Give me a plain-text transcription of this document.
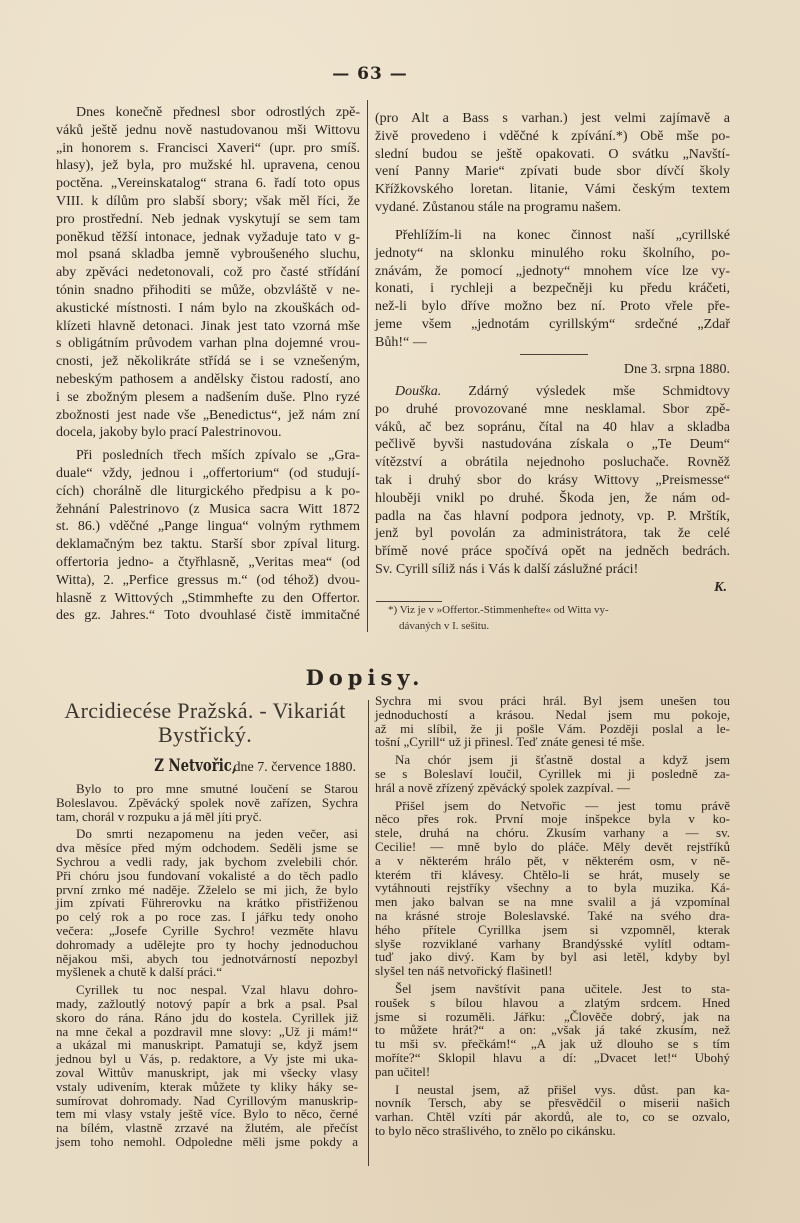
— 63 —
Dnes konečně přednesl sbor odrostlých zpě-
váků ještě jednu nově nastudovanou mši Wittovu
„in honorem s. Francisci Xaveri“ (upr. pro smíš.
hlasy), jež byla, pro mužské hl. upravena, cenou
poctěna. „Vereinskatalog“ strana 6. řadí toto opus
VIII. k dílům pro slabší sbory; však měl říci, že
pro prostřední. Neb jednak vyskytují se sem tam
poněkud těžší intonace, jednak vyžaduje tato v g-
mol psaná skladba jemně vybroušeného sluchu,
aby zpěváci nedetonovali, což pro časté střídání
tónin snadno přihoditi se může, obzvláště v ne-
akustické místnosti. I nám bylo na zkouškách od-
klízeti hlavně detonaci. Jinak jest tato vzorná mše
s obligátním průvodem varhan plna dojemné vrou-
cnosti, jež několikráte střídá se i se vznešeným,
nebeským pathosem a andělsky čistou radostí, ano
i se zbožným plesem a nadšením duše. Plno ryzé
zbožnosti jest nade vše „Benedictus“, jež nám zní
docela, jakoby bylo prací Palestrinovou.
Při posledních třech mších zpívalo se „Gra-
duale“ vždy, jednou i „offertorium“ (od studují-
cích) chorálně dle liturgického předpisu a k po-
žehnání Palestrinovo (z Musica sacra Witt 1872
st. 86.) vděčné „Pange lingua“ volným rythmem
deklamačným bez taktu. Starší sbor zpíval liturg.
offertoria jedno- a čtyřhlasně, „Veritas mea“ (od
Witta), 2. „Perfice gressus m.“ (od téhož) dvou-
hlasně z Wittových „Stimmhefte zu den Offertor.
des gz. Jahres.“ Toto dvouhlasé čistě immitačné
(pro Alt a Bass s varhan.) jest velmi zajímavě a
živě provedeno i vděčné k zpívání.*) Obě mše po-
slední budou se ještě opakovati. O svátku „Navští-
vení Panny Marie“ zpívati bude sbor dívčí školy
Křížkovského loretan. litanie, Vámi českým textem
vydané. Zůstanou stále na programu našem.
Přehlížím-li na konec činnost naší „cyrillské
jednoty“ na sklonku minulého roku školního, po-
znávám, že pomocí „jednoty“ mnohem více lze vy-
konati, i rychleji a bezpečněji ku předu kráčeti,
než-li bylo dříve možno bez ní. Proto vřele pře-
jeme všem „jednotám cyrillským“ srdečné „Zdař
Bůh!“ —
Dne 3. srpna 1880.
Douška. Zdárný výsledek mše Schmidtovy
po druhé provozované mne nesklamal. Sbor zpě-
váků, ač bez sopránu, čítal na 40 hlav a skladba
pečlivě byvši nastudována získala o „Te Deum“
vítězství a obrátila nejednoho posluchače. Rovněž
tak i druhý sbor do krásy Wittovy „Preismesse“
hlouběji vnikl po druhé. Škoda jen, že nám od-
padla na čas hlavní podpora jednoty, vp. P. Mrštík,
jenž byl povolán za administrátora, tak že celé
břímě nové práce spočívá opět na jedněch bedrách.
Sv. Cyrill síliž nás i Vás k další záslužné práci!
K.
*) Viz je v »Offertor.-Stimmenhefte« od Witta vy-
dávaných v I. sešitu.
Dopisy.
Arcidiecése Pražská. - Vikariát
Bystřický.
Z Netvořic, dne 7. července 1880.
Bylo to pro mne smutné loučení se Starou
Boleslavou. Zpěvácký spolek nově zařízen, Sychra
tam, chorál v rozpuku a já měl jíti pryč.
Do smrti nezapomenu na jeden večer, asi
dva měsíce před mým odchodem. Seděli jsme se
Sychrou a vedli rady, jak bychom zvelebili chór.
Při chóru jsou fundovaní vokalisté a do těch padlo
první zrnko mé naděje. Zželelo se mi jich, že bylo
jim zpívati Führerovku na krátko přistřiženou
po celý rok a po roce zas. I jářku tedy onoho
večera: „Josefe Cyrille Sychro! vezměte hlavu
dohromady a udělejte pro ty hochy jednoduchou
nějakou mši, abych tou jednotvárností nepozbyl
myšlenek a chutě k další práci.“
Cyrillek tu noc nespal. Vzal hlavu dohro-
mady, zažloutlý notový papír a brk a psal. Psal
skoro do rána. Ráno jdu do kostela. Cyrillek již
na mne čekal a pozdravil mne slovy: „Už ji mám!“
a ukázal mi manuskript. Pamatuji se, když jsem
jednou byl u Vás, p. redaktore, a Vy jste mi uka-
zoval Wittův manuskript, jak mi všecky vlasy
vstaly udivením, kterak můžete ty kliky háky se-
sumírovat dohromady. Nad Cyrillovým manuskrip-
tem mi vlasy vstaly ještě více. Bylo to něco, černé
na bílém, vlastně zrzavé na žlutém, ale přečíst
jsem toho nemohl. Odpoledne měli jsme pokdy a
Sychra mi svou práci hrál. Byl jsem unešen tou
jednoduchostí a krásou. Nedal jsem mu pokoje,
až mi slíbil, že ji pošle Vám. Později poslal a le-
tošní „Cyrill“ už ji přinesl. Teď znáte genesi té mše.
Na chór jsem ji šťastně dostal a když jsem
se s Boleslaví loučil, Cyrillek mi ji posledně za-
hrál a nově zřízený zpěvácký spolek zazpíval. —
Přišel jsem do Netvořic — jest tomu právě
něco přes rok. První moje inšpekce byla v ko-
stele, druhá na chóru. Zkusím varhany a — sv.
Cecilie! — mně bylo do pláče. Měly devět rejstříků
a v některém hrálo pět, v některém osm, v ně-
kterém tři klávesy. Chtělo-li se hrát, musely se
vytáhnouti rejstříky všechny a to byla muzika. Ká-
men jako balvan se na mne svalil a já vzpomínal
na krásné stroje Boleslavské. Také na svého dra-
hého přítele Cyrillka jsem si vzpomněl, kterak
slyše rozviklané varhany Brandýsské vylítl odtam-
tuď jako divý. Kam by byl asi letěl, kdyby byl
slyšel ten náš netvořický flašinetl!
Šel jsem navštívit pana učitele. Jest to sta-
roušek s bílou hlavou a zlatým srdcem. Hned
jsme si rozuměli. Jářku: „Člověče dobrý, jak na
to můžete hrát?“ a on: „však já také zkusím, než
tu mši sv. přečkám!“ „A jak už dlouho se s tím
moříte?“ Sklopil hlavu a dí: „Dvacet let!“ Ubohý
pan učitel!
I neustal jsem, až přišel vys. důst. pan ka-
novník Tersch, aby se přesvědčil o miserii našich
varhan. Chtěl vzíti pár akordů, ale to, co se ozvalo,
to bylo něco strašlivého, to znělo po cikánsku.
